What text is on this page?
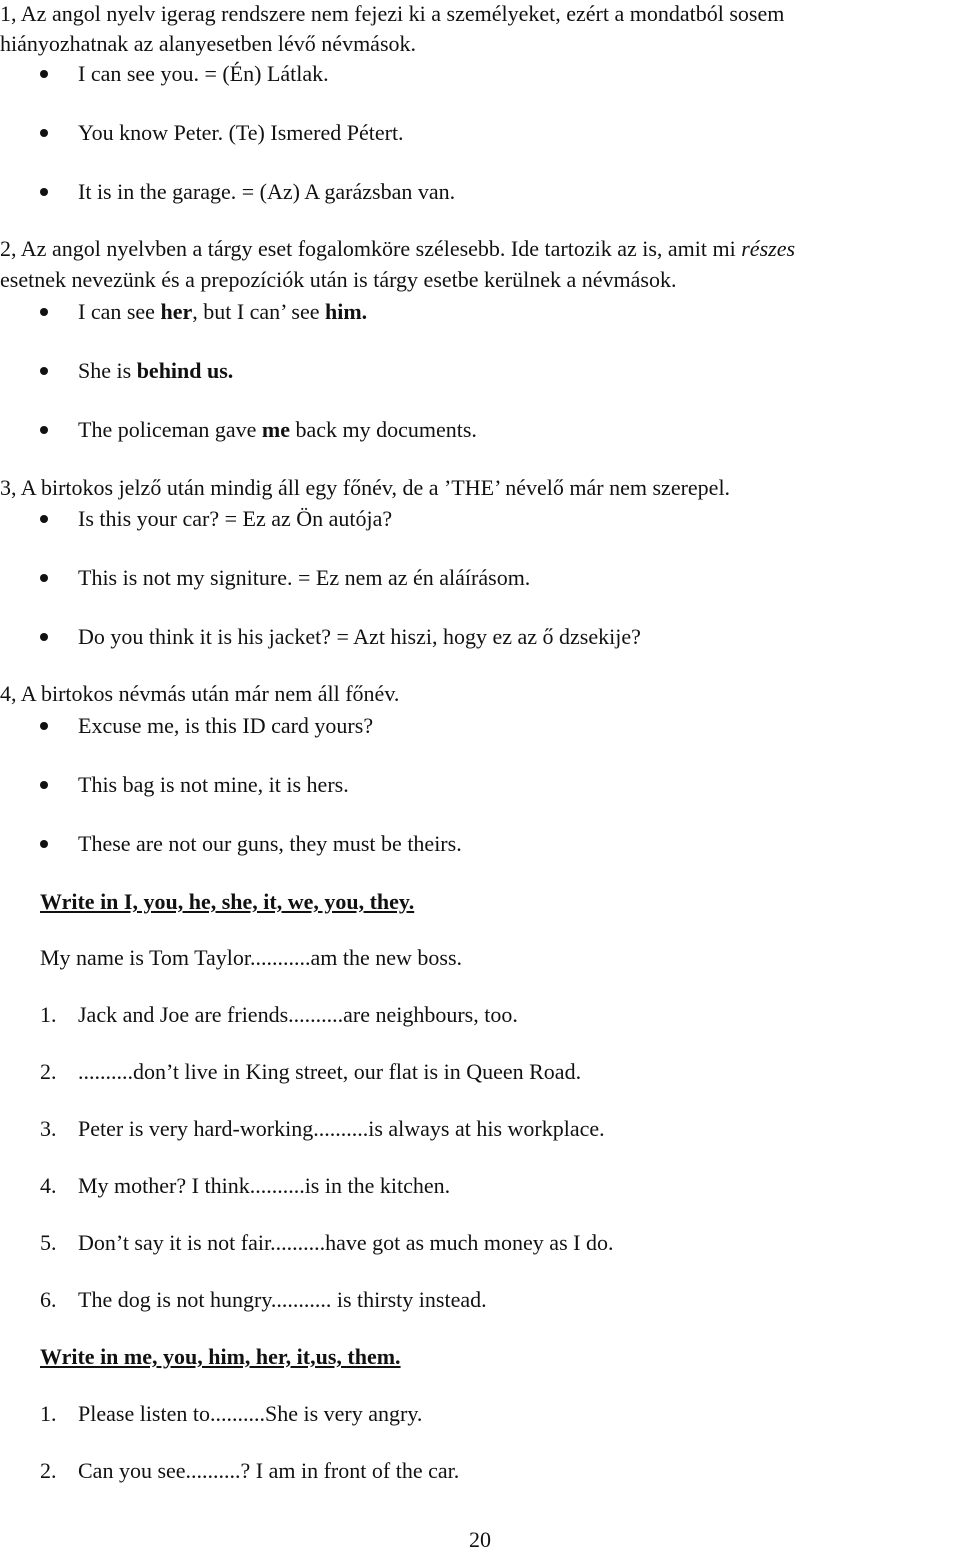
1, Az angol nyelv igerag rendszere nem fejezi ki a személyeket, ezért a mondatból sosem
hiányozhatnak az alanyesetben lévő névmások.
I can see you. = (Én) Látlak.
You know Peter. (Te) Ismered Pétert.
It is in the garage. = (Az) A garázsban van.
2, Az angol nyelvben a tárgy eset fogalomköre szélesebb. Ide tartozik az is, amit mi részes
esetnek nevezünk és a prepozíciók után is tárgy esetbe kerülnek a névmások.
I can see her, but I can’ see him.
She is behind us.
The policeman gave me back my documents.
3, A birtokos jelző után mindig áll egy főnév, de a ’THE’ névelő már nem szerepel.
Is this your car? = Ez az Ön autója?
This is not my signiture. = Ez nem az én aláírásom.
Do you think it is his jacket? = Azt hiszi, hogy ez az ő dzsekije?
4, A birtokos névmás után már nem áll főnév.
Excuse me, is this ID card yours?
This bag is not mine, it is hers.
These are not our guns, they must be theirs.
Write in I, you, he, she, it, we, you, they.
My name is Tom Taylor...........am the new boss.
1. Jack and Joe are friends..........are neighbours, too.
2. ..........don’t live in King street, our flat is in Queen Road.
3. Peter is very hard-working..........is always at his workplace.
4. My mother? I think..........is in the kitchen.
5. Don’t say it is not fair..........have got as much money as I do.
6. The dog is not hungry........... is thirsty instead.
Write in me, you, him, her, it,us, them.
1. Please listen to..........She is very angry.
2. Can you see..........? I am in front of the car.
20
